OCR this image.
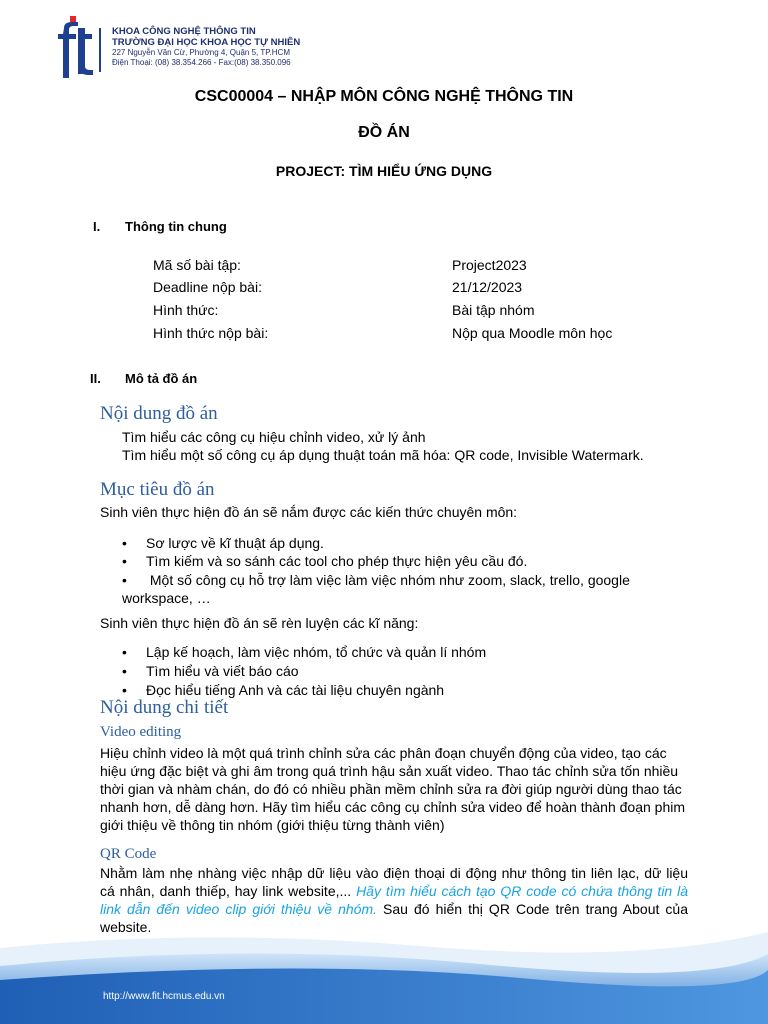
KHOA CÔNG NGHỆ THÔNG TIN
TRƯỜNG ĐẠI HỌC KHOA HỌC TỰ NHIÊN
227 Nguyễn Văn Cừ, Phường 4, Quận 5, TP.HCM
Điện Thoại: (08) 38.354.266 - Fax:(08) 38.350.096
CSC00004 – NHẬP MÔN CÔNG NGHỆ THÔNG TIN
ĐỒ ÁN
PROJECT: TÌM HIỂU ỨNG DỤNG
I. Thông tin chung
Mã số bài tập:	Project2023
Deadline nộp bài:	21/12/2023
Hình thức:	Bài tập nhóm
Hình thức nộp bài:	Nộp qua Moodle môn học
II. Mô tả đồ án
Nội dung đồ án
Tìm hiểu các công cụ hiệu chỉnh video, xử lý ảnh
Tìm hiểu một số công cụ áp dụng thuật toán mã hóa: QR code, Invisible Watermark.
Mục tiêu đồ án
Sinh viên thực hiện đồ án sẽ nắm được các kiến thức chuyên môn:
• Sơ lược về kĩ thuật áp dụng.
• Tìm kiếm và so sánh các tool cho phép thực hiện yêu cầu đó.
• Một số công cụ hỗ trợ làm việc làm việc nhóm như zoom, slack, trello, google
workspace, …
Sinh viên thực hiện đồ án sẽ rèn luyện các kĩ năng:
• Lập kế hoạch, làm việc nhóm, tổ chức và quản lí nhóm
• Tìm hiểu và viết báo cáo
• Đọc hiểu tiếng Anh và các tài liệu chuyên ngành
Nội dung chi tiết
Video editing
Hiệu chỉnh video là một quá trình chỉnh sửa các phân đoạn chuyển động của video, tạo các
hiệu ứng đặc biệt và ghi âm trong quá trình hậu sản xuất video. Thao tác chỉnh sửa tốn nhiều
thời gian và nhàm chán, do đó có nhiều phần mềm chỉnh sửa ra đời giúp người dùng thao tác
nhanh hơn, dễ dàng hơn. Hãy tìm hiểu các công cụ chỉnh sửa video để hoàn thành đoạn phim
giới thiệu về thông tin nhóm (giới thiệu từng thành viên)
QR Code
Nhằm làm nhẹ nhàng việc nhập dữ liệu vào điện thoại di động như thông tin liên lạc, dữ liệu cá nhân, danh thiếp, hay link website,... Hãy tìm hiểu cách tạo QR code có chứa thông tin là link dẫn đến video clip giới thiệu về nhóm. Sau đó hiển thị QR Code trên trang About của website.
http://www.fit.hcmus.edu.vn
